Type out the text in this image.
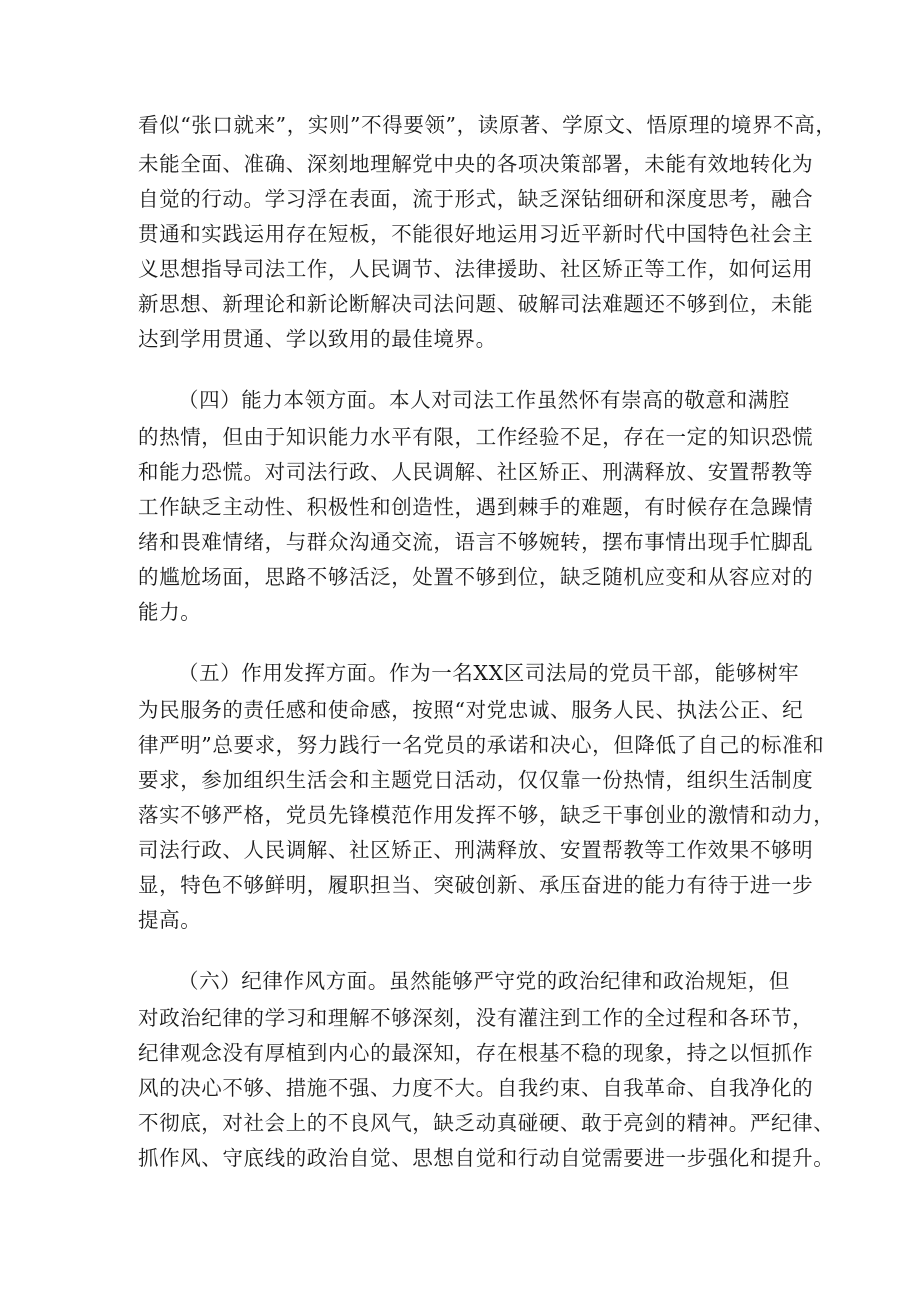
看似“张口就来”，实则”不得要领”，读原著、学原文、悟原理的境界不高，
未能全面、准确、深刻地理解党中央的各项决策部署，未能有效地转化为
自觉的行动。学习浮在表面，流于形式，缺乏深钻细研和深度思考，融合
贯通和实践运用存在短板，不能很好地运用习近平新时代中国特色社会主
义思想指导司法工作，人民调节、法律援助、社区矫正等工作，如何运用
新思想、新理论和新论断解决司法问题、破解司法难题还不够到位，未能
达到学用贯通、学以致用的最佳境界。
（四）能力本领方面。本人对司法工作虽然怀有崇高的敬意和满腔
的热情，但由于知识能力水平有限，工作经验不足，存在一定的知识恐慌
和能力恐慌。对司法行政、人民调解、社区矫正、刑满释放、安置帮教等
工作缺乏主动性、积极性和创造性，遇到棘手的难题，有时候存在急躁情
绪和畏难情绪，与群众沟通交流，语言不够婉转，摆布事情出现手忙脚乱
的尴尬场面，思路不够活泛，处置不够到位，缺乏随机应变和从容应对的
能力。
（五）作用发挥方面。作为一名XX区司法局的党员干部，能够树牢
为民服务的责任感和使命感，按照“对党忠诚、服务人民、执法公正、纪
律严明”总要求，努力践行一名党员的承诺和决心，但降低了自己的标准和
要求，参加组织生活会和主题党日活动，仅仅靠一份热情，组织生活制度
落实不够严格，党员先锋模范作用发挥不够，缺乏干事创业的激情和动力，
司法行政、人民调解、社区矫正、刑满释放、安置帮教等工作效果不够明
显，特色不够鲜明，履职担当、突破创新、承压奋进的能力有待于进一步
提高。
（六）纪律作风方面。虽然能够严守党的政治纪律和政治规矩，但
对政治纪律的学习和理解不够深刻，没有灌注到工作的全过程和各环节，
纪律观念没有厚植到内心的最深知，存在根基不稳的现象，持之以恒抓作
风的决心不够、措施不强、力度不大。自我约束、自我革命、自我净化的
不彻底，对社会上的不良风气，缺乏动真碰硬、敢于亮剑的精神。严纪律、
抓作风、守底线的政治自觉、思想自觉和行动自觉需要进一步强化和提升。
